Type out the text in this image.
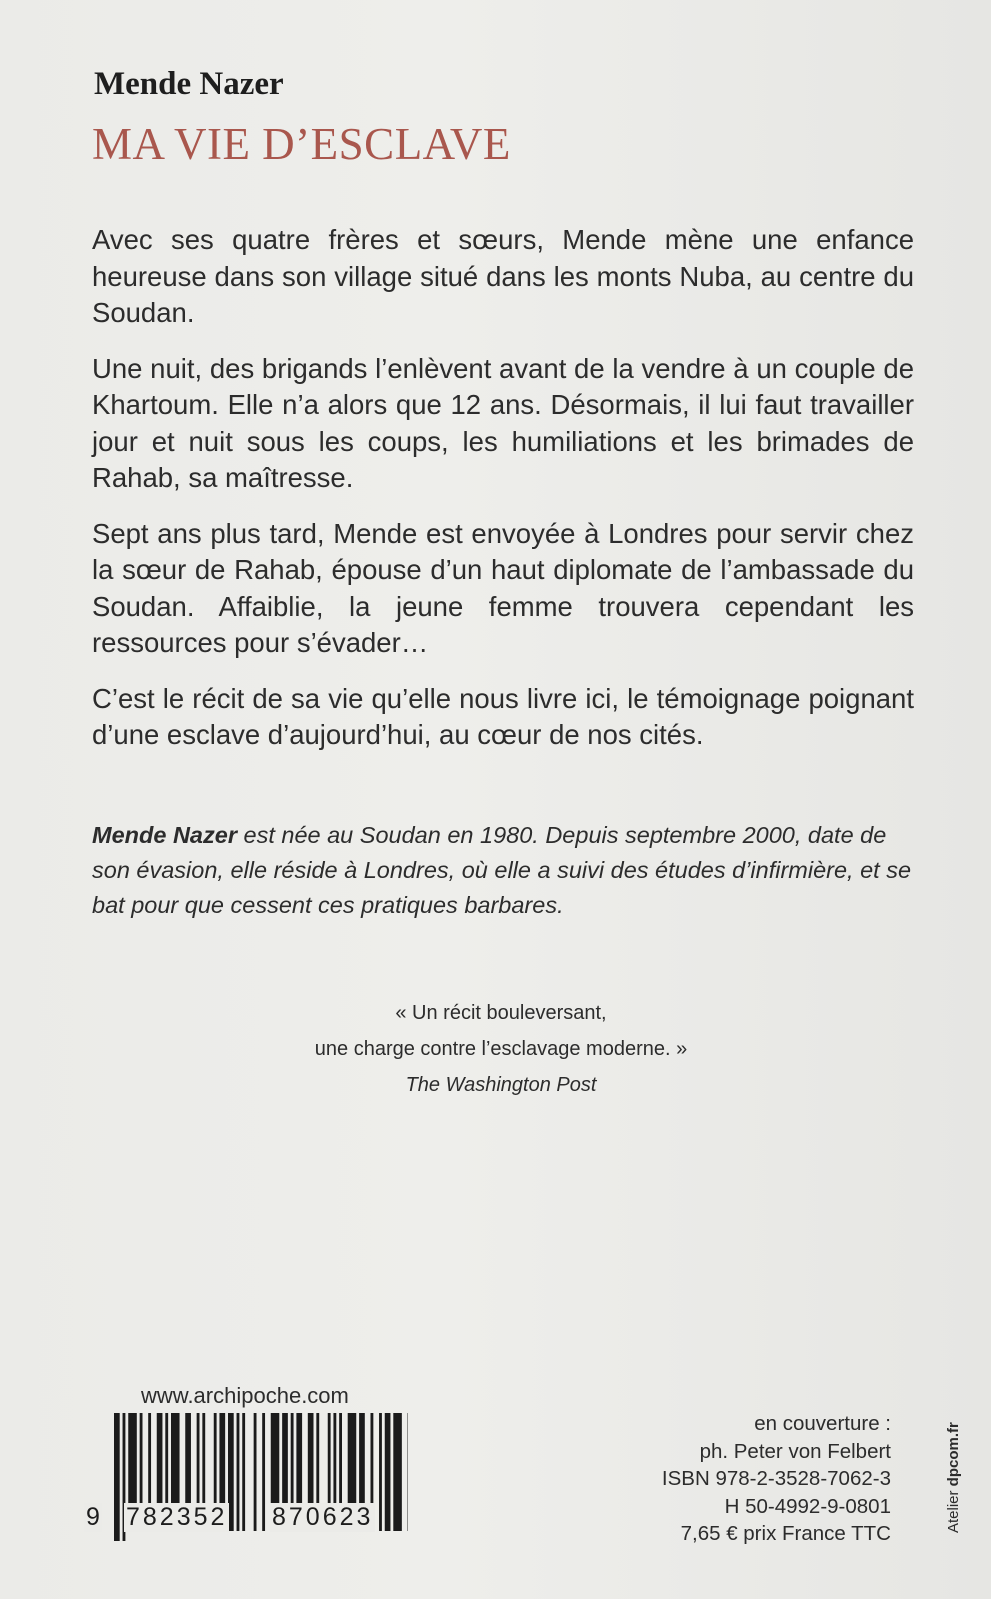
Mende Nazer
MA VIE D’ESCLAVE

Avec ses quatre frères et sœurs, Mende mène une enfance heureuse dans son village situé dans les monts Nuba, au centre du Soudan.

Une nuit, des brigands l’enlèvent avant de la vendre à un couple de Khartoum. Elle n’a alors que 12 ans. Désormais, il lui faut travailler jour et nuit sous les coups, les humiliations et les brimades de Rahab, sa maîtresse.

Sept ans plus tard, Mende est envoyée à Londres pour servir chez la sœur de Rahab, épouse d’un haut diplomate de l’ambassade du Soudan. Affaiblie, la jeune femme trouvera cependant les ressources pour s’évader…

C’est le récit de sa vie qu’elle nous livre ici, le témoignage poignant d’une esclave d’aujourd’hui, au cœur de nos cités.

Mende Nazer est née au Soudan en 1980. Depuis septembre 2000, date de son évasion, elle réside à Londres, où elle a suivi des études d’infirmière, et se bat pour que cessent ces pratiques barbares.
« Un récit bouleversant,
une charge contre l’esclavage moderne. »
The Washington Post
www.archipoche.com
9 782352 870623
en couverture :
ph. Peter von Felbert
ISBN 978-2-3528-7062-3
H 50-4992-9-0801
7,65 € prix France TTC
Atelier dpcom.fr
